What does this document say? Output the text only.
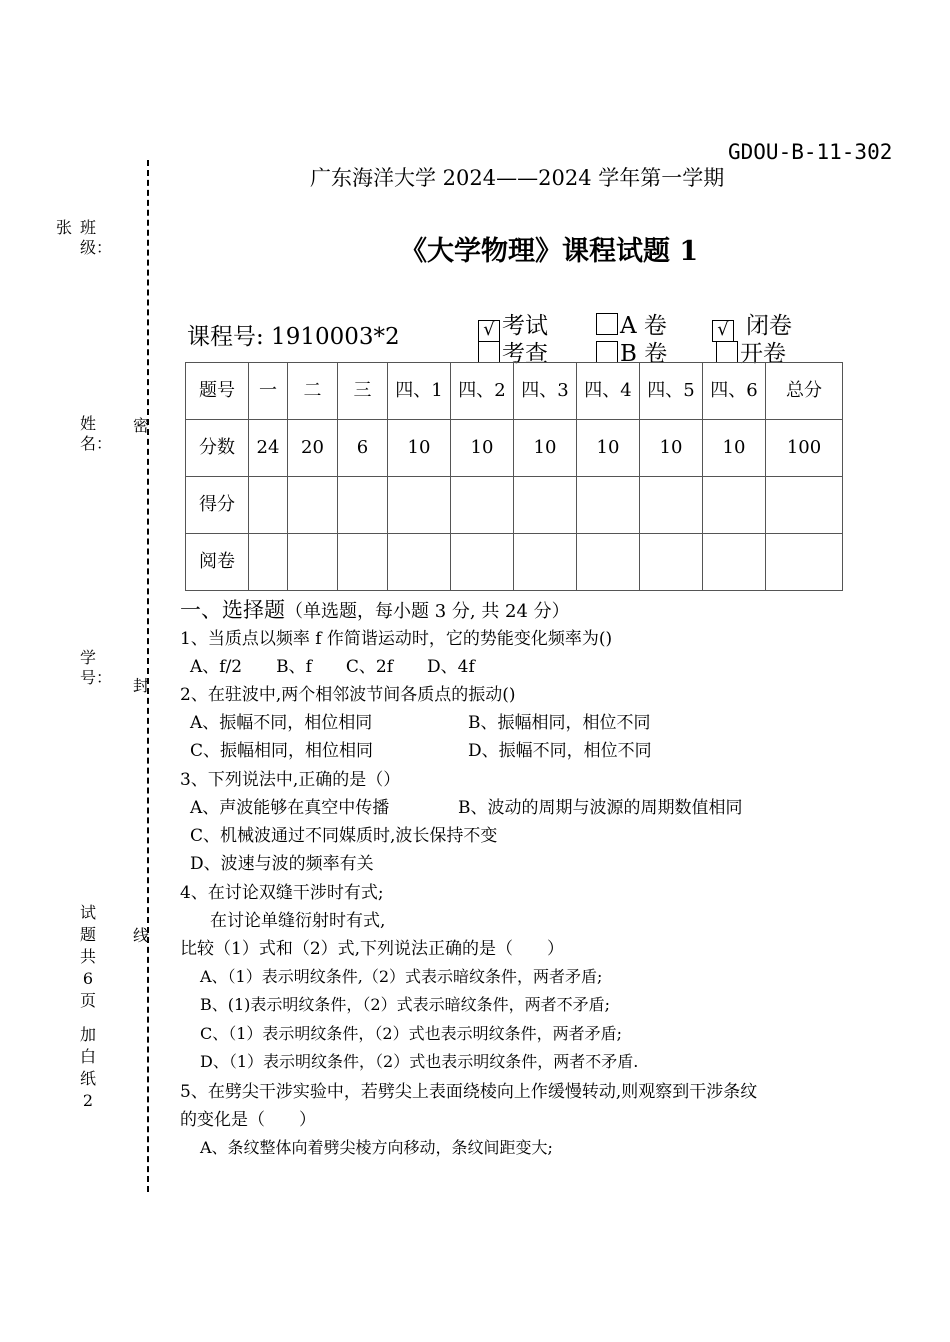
GDOU-B-11-302
广东海洋大学 2024——2024 学年第一学期
《大学物理》课程试题 1
课程号: 1910003*2	√ 考试
考查
A 卷
B 卷
√ 闭卷
开卷
张 班级：
姓名：
密
学号： 封
试题共6 页
线
加白纸 2
题号	一	二	三	四、1	四、2	四、3	四、4	四、5	四、6	总分
分数	24	20	6	10	10	10	10	10	10	100
得分										
阅卷										
一、选择题（单选题，每小题 3 分, 共 24 分）
1、当质点以频率 f 作简谐运动时，它的势能变化频率为()
A、f/2　　B、f　　C、2f　　D、4f
2、在驻波中,两个相邻波节间各质点的振动()
A、振幅不同，相位相同	B、振幅相同，相位不同
C、振幅相同，相位相同	D、振幅不同，相位不同
3、下列说法中,正确的是（）
A、声波能够在真空中传播	B、波动的周期与波源的周期数值相同
C、机械波通过不同媒质时,波长保持不变
D、波速与波的频率有关
4、在讨论双缝干涉时有式;
在讨论单缝衍射时有式,
比较（1）式和（2）式,下列说法正确的是（　　）
A、（1）表示明纹条件,（2）式表示暗纹条件，两者矛盾;
B、(1)表示明纹条件，（2）式表示暗纹条件，两者不矛盾;
C、（1）表示明纹条件，（2）式也表示明纹条件，两者矛盾;
D、（1）表示明纹条件，（2）式也表示明纹条件，两者不矛盾.
5、在劈尖干涉实验中，若劈尖上表面绕棱向上作缓慢转动,则观察到干涉条纹
的变化是（　　）
A、条纹整体向着劈尖棱方向移动，条纹间距变大;
